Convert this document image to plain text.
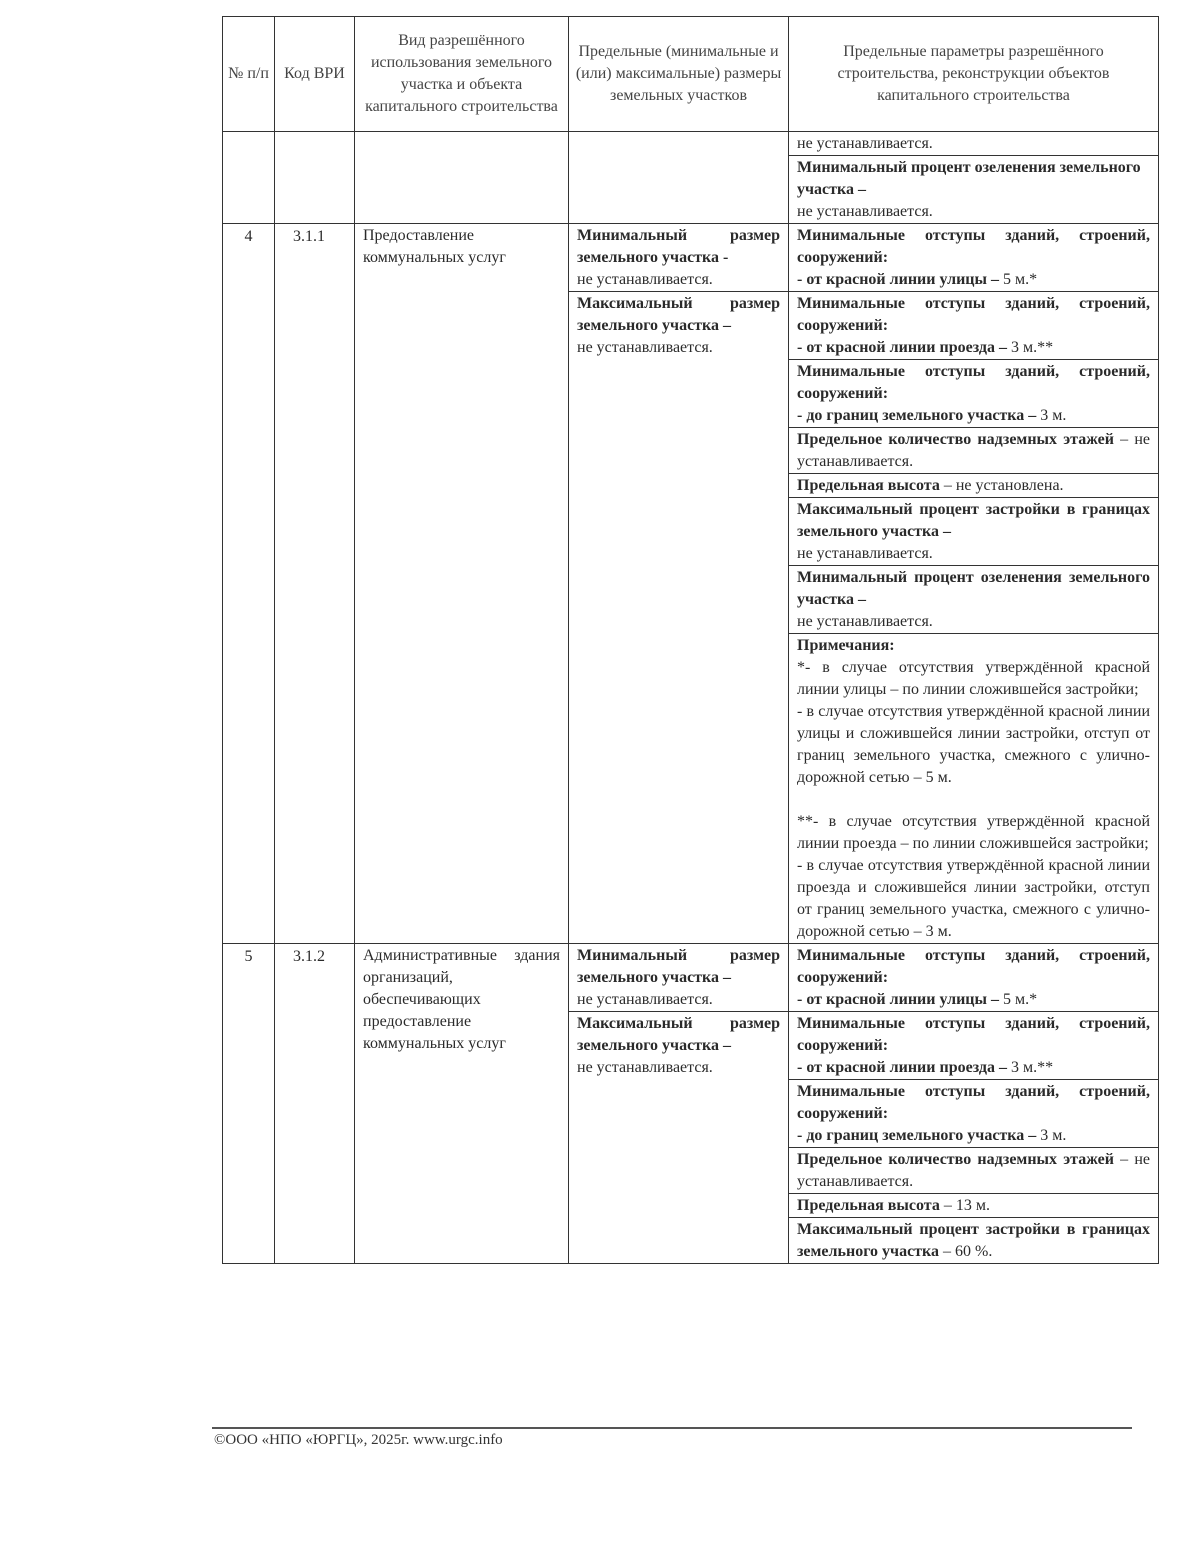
№ п/п	Код ВРИ	Вид разрешённого использования земельного участка и объекта капитального строительства	Предельные (минимальные и (или) максимальные) размеры земельных участков	Предельные параметры разрешённого строительства, реконструкции объектов капитального строительства
				не устанавливается.
				Минимальный процент озеленения земельного участка –
не устанавливается.
4	3.1.1	Предоставление коммунальных услуг	Минимальный размер земельного участка -
не устанавливается.	Минимальные отступы зданий, строений, сооружений:
- от красной линии улицы – 5 м.*
			Максимальный размер земельного участка –
не устанавливается.	Минимальные отступы зданий, строений, сооружений:
- от красной линии проезда – 3 м.**
				Минимальные отступы зданий, строений, сооружений:
- до границ земельного участка – 3 м.
				Предельное количество надземных этажей – не устанавливается.
				Предельная высота – не установлена.
				Максимальный процент застройки в границах земельного участка –
не устанавливается.
				Минимальный процент озеленения земельного участка –
не устанавливается.

				Примечания:
*- в случае отсутствия утверждённой красной линии улицы – по линии сложившейся застройки;
- в случае отсутствия утверждённой красной линии улицы и сложившейся линии застройки, отступ от границ земельного участка, смежного с улично-дорожной сетью – 5 м.
**- в случае отсутствия утверждённой красной линии проезда – по линии сложившейся застройки;
- в случае отсутствия утверждённой красной линии проезда и сложившейся линии застройки, отступ от границ земельного участка, смежного с улично-дорожной сетью – 3 м.

5	3.1.2	Административные здания организаций, обеспечивающих предоставление коммунальных услуг	Минимальный размер земельного участка –
не устанавливается.	Минимальные отступы зданий, строений, сооружений:
- от красной линии улицы – 5 м.*
			Максимальный размер земельного участка –
не устанавливается.	Минимальные отступы зданий, строений, сооружений:
- от красной линии проезда – 3 м.**
				Минимальные отступы зданий, строений, сооружений:
- до границ земельного участка – 3 м.
				Предельное количество надземных этажей – не устанавливается.
				Предельная высота – 13 м.
				Максимальный процент застройки в границах земельного участка – 60 %.
©ООО «НПО «ЮРГЦ», 2025г. www.urgc.info
